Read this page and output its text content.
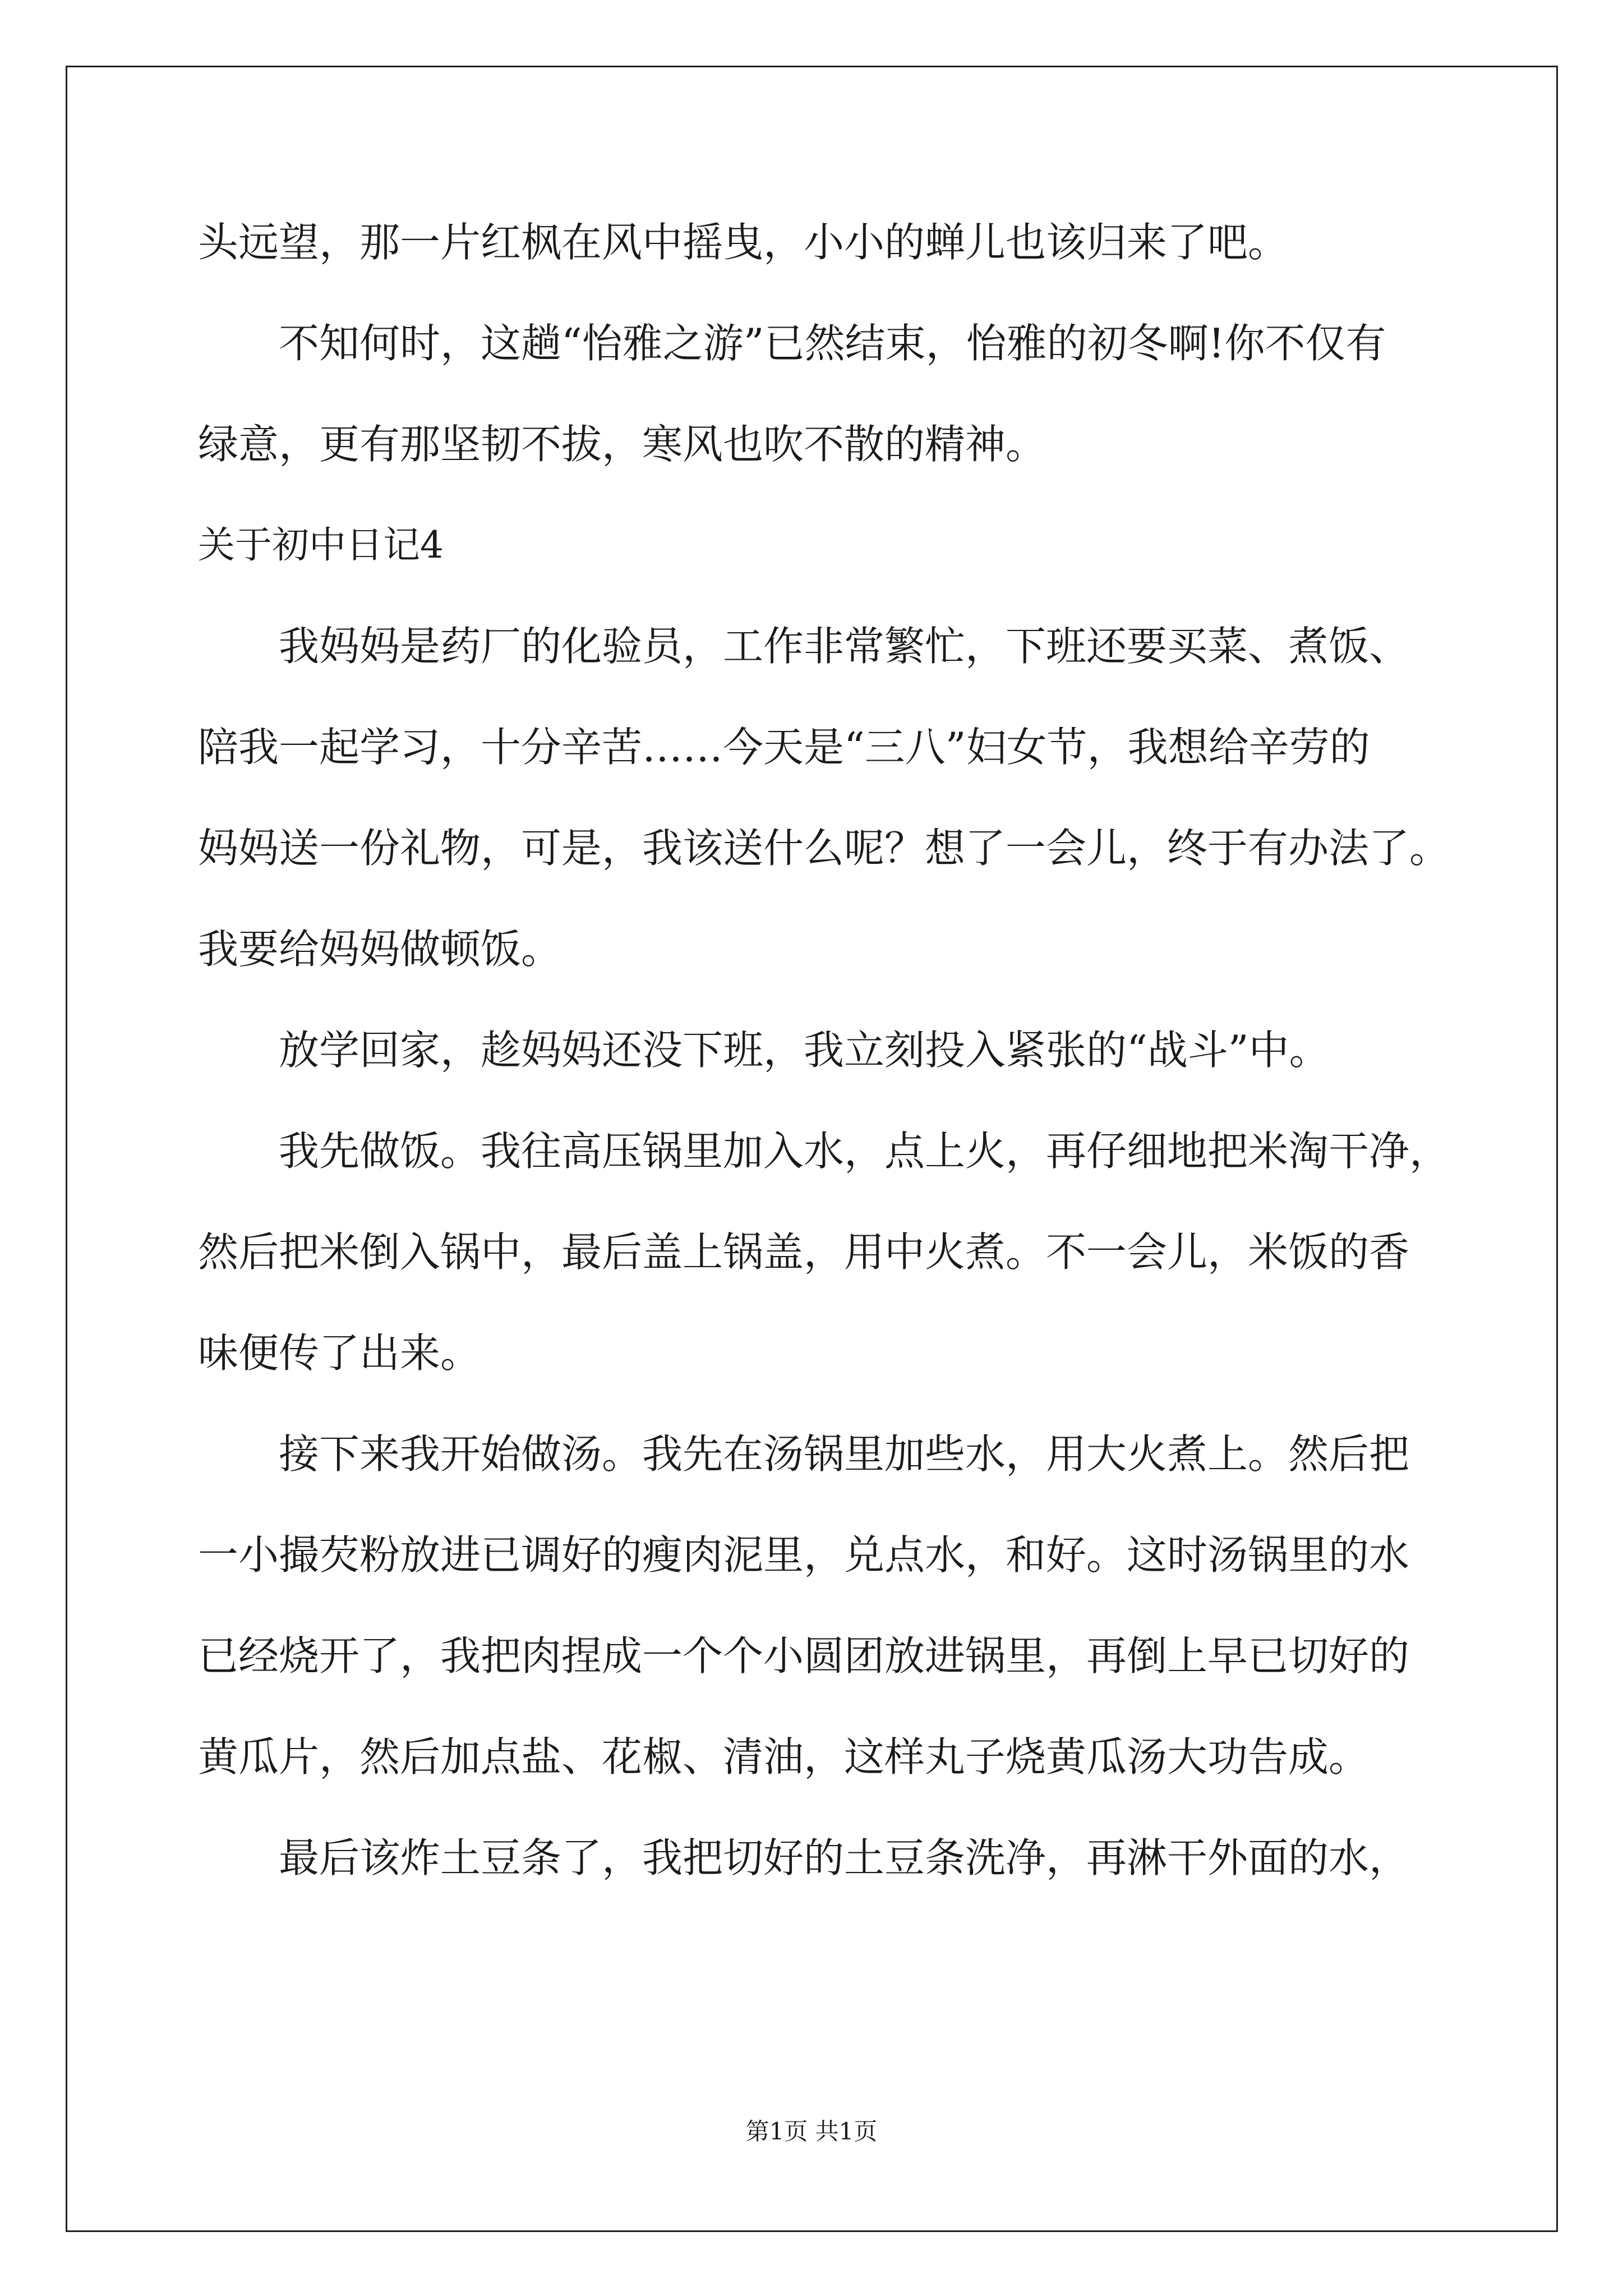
头远望，那一片红枫在风中摇曳，小小的蝉儿也该归来了吧。
不知何时，这趟“怡雅之游”已然结束，怡雅的初冬啊!你不仅有
绿意，更有那坚韧不拔，寒风也吹不散的精神。
关于初中日记4
我妈妈是药厂的化验员，工作非常繁忙，下班还要买菜、煮饭、
陪我一起学习，十分辛苦……今天是“三八”妇女节，我想给辛劳的
妈妈送一份礼物，可是，我该送什么呢？想了一会儿，终于有办法了。
我要给妈妈做顿饭。
放学回家，趁妈妈还没下班，我立刻投入紧张的“战斗”中。
我先做饭。我往高压锅里加入水，点上火，再仔细地把米淘干净，
然后把米倒入锅中，最后盖上锅盖，用中火煮。不一会儿，米饭的香
味便传了出来。
接下来我开始做汤。我先在汤锅里加些水，用大火煮上。然后把
一小撮芡粉放进已调好的瘦肉泥里，兑点水，和好。这时汤锅里的水
已经烧开了，我把肉捏成一个个小圆团放进锅里，再倒上早已切好的
黄瓜片，然后加点盐、花椒、清油，这样丸子烧黄瓜汤大功告成。
最后该炸土豆条了，我把切好的土豆条洗净，再淋干外面的水，
第1页 共1页
